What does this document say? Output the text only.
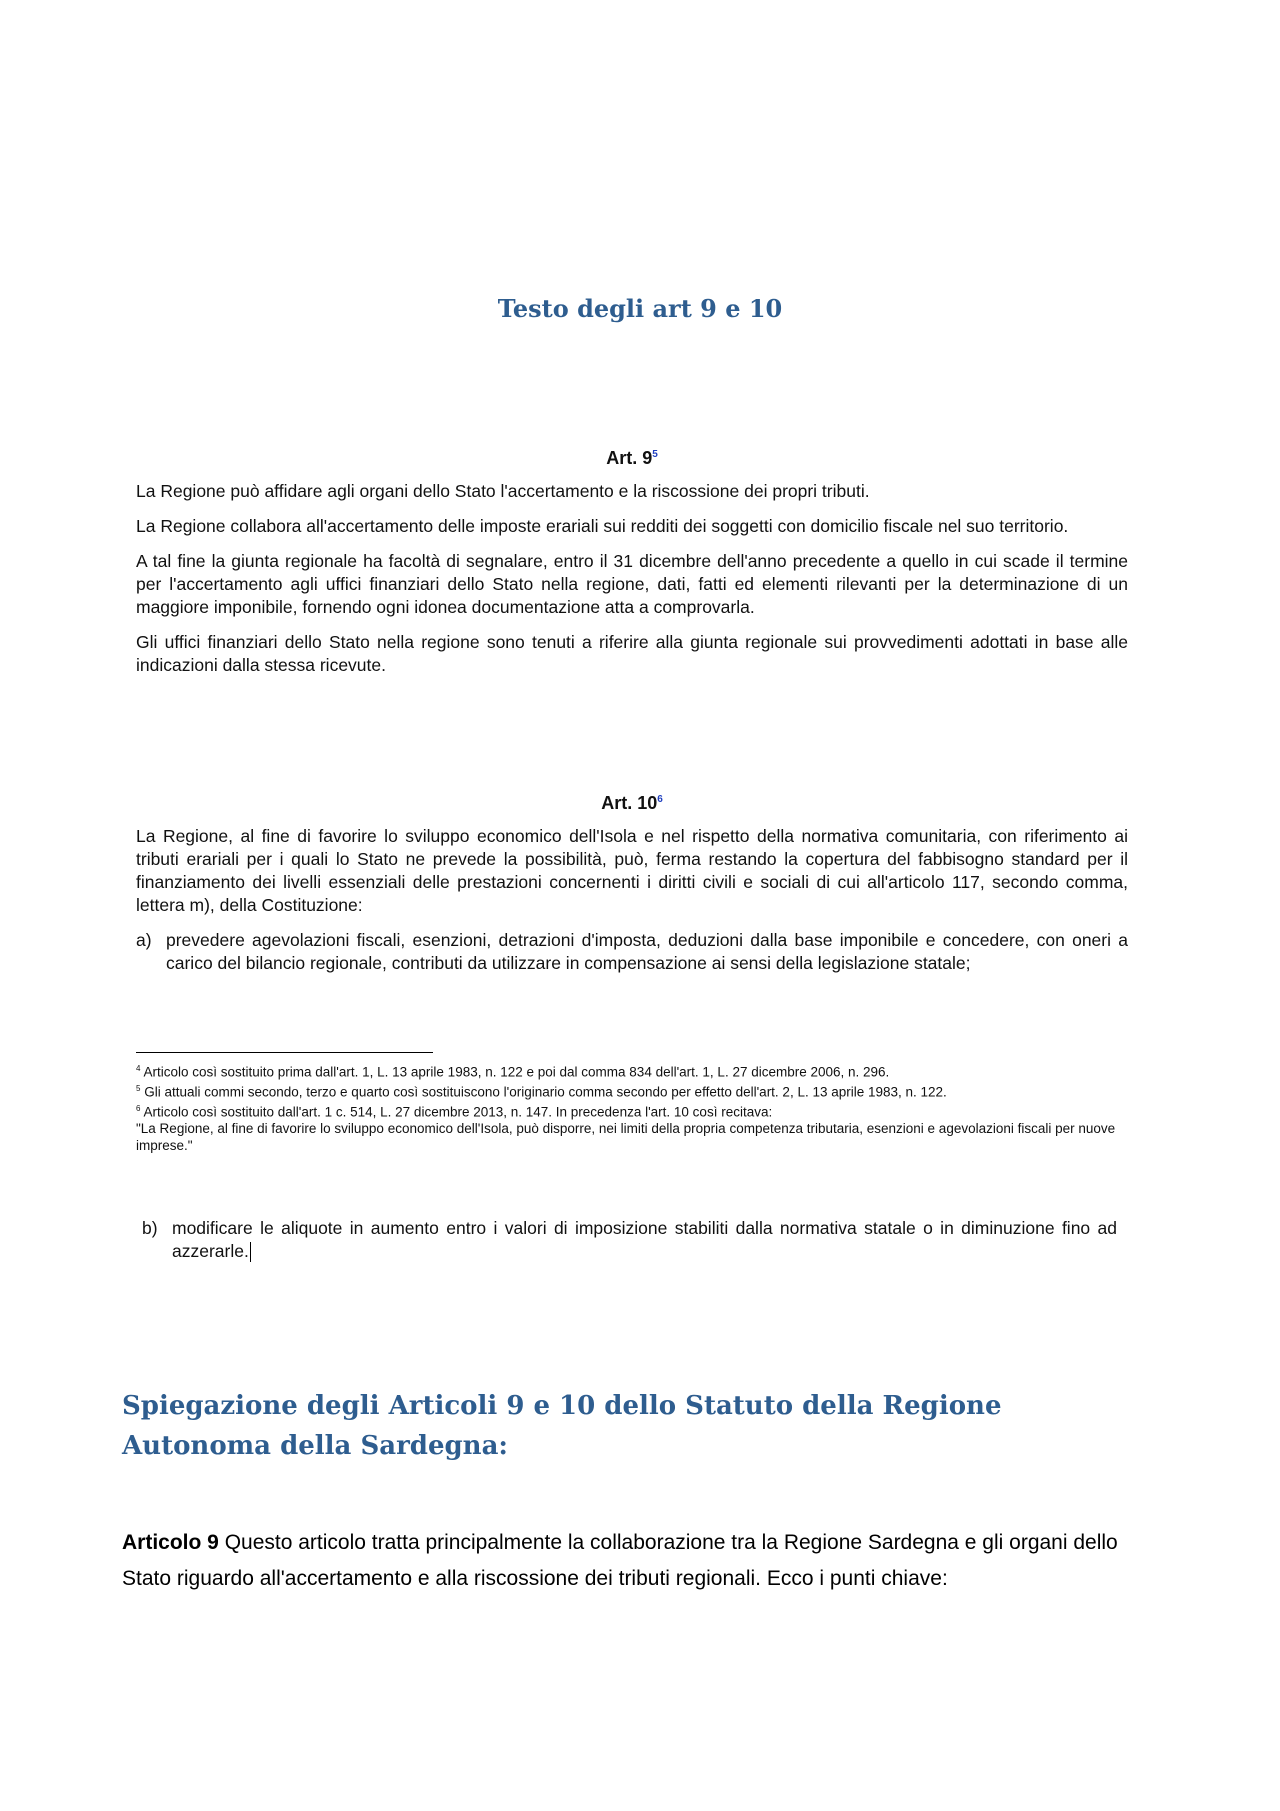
Testo degli art 9 e 10
Art. $9^5$

La Regione può affidare agli organi dello Stato l'accertamento e la riscossione dei propri tributi.

La Regione collabora all'accertamento delle imposte erariali sui redditi dei soggetti con domicilio fiscale nel suo territorio.

A tal fine la giunta regionale ha facoltà di segnalare, entro il 31 dicembre dell'anno precedente a quello in cui scade il termine per l'accertamento agli uffici finanziari dello Stato nella regione, dati, fatti ed elementi rilevanti per la determinazione di un maggiore imponibile, fornendo ogni idonea documentazione atta a comprovarla.

Gli uffici finanziari dello Stato nella regione sono tenuti a riferire alla giunta regionale sui provvedimenti adottati in base alle indicazioni dalla stessa ricevute.

Art. $10^6$

La Regione, al fine di favorire lo sviluppo economico dell'Isola e nel rispetto della normativa comunitaria, con riferimento ai tributi erariali per i quali lo Stato ne prevede la possibilità, può, ferma restando la copertura del fabbisogno standard per il finanziamento dei livelli essenziali delle prestazioni concernenti i diritti civili e sociali di cui all'articolo 117, secondo comma, lettera m), della Costituzione:

a) prevedere agevolazioni fiscali, esenzioni, detrazioni d'imposta, deduzioni dalla base imponibile e concedere, con oneri a carico del bilancio regionale, contributi da utilizzare in compensazione ai sensi della legislazione statale;
$^4$ Articolo così sostituito prima dall'art. 1, L. 13 aprile 1983, n. 122 e poi dal comma 834 dell'art. 1, L. 27 dicembre 2006, n. 296.
$^5$ Gli attuali commi secondo, terzo e quarto così sostituiscono l'originario comma secondo per effetto dell'art. 2, L. 13 aprile 1983, n. 122.
$^6$ Articolo così sostituito dall'art. 1 c. 514, L. 27 dicembre 2013, n. 147. In precedenza l'art. 10 così recitava:
"La Regione, al fine di favorire lo sviluppo economico dell'Isola, può disporre, nei limiti della propria competenza tributaria, esenzioni e agevolazioni fiscali per nuove imprese."
b) modificare le aliquote in aumento entro i valori di imposizione stabiliti dalla normativa statale o in diminuzione fino ad azzerarle.
Spiegazione degli Articoli 9 e 10 dello Statuto della Regione Autonoma della Sardegna:

Articolo 9 Questo articolo tratta principalmente la collaborazione tra la Regione Sardegna e gli organi dello Stato riguardo all'accertamento e alla riscossione dei tributi regionali. Ecco i punti chiave:
